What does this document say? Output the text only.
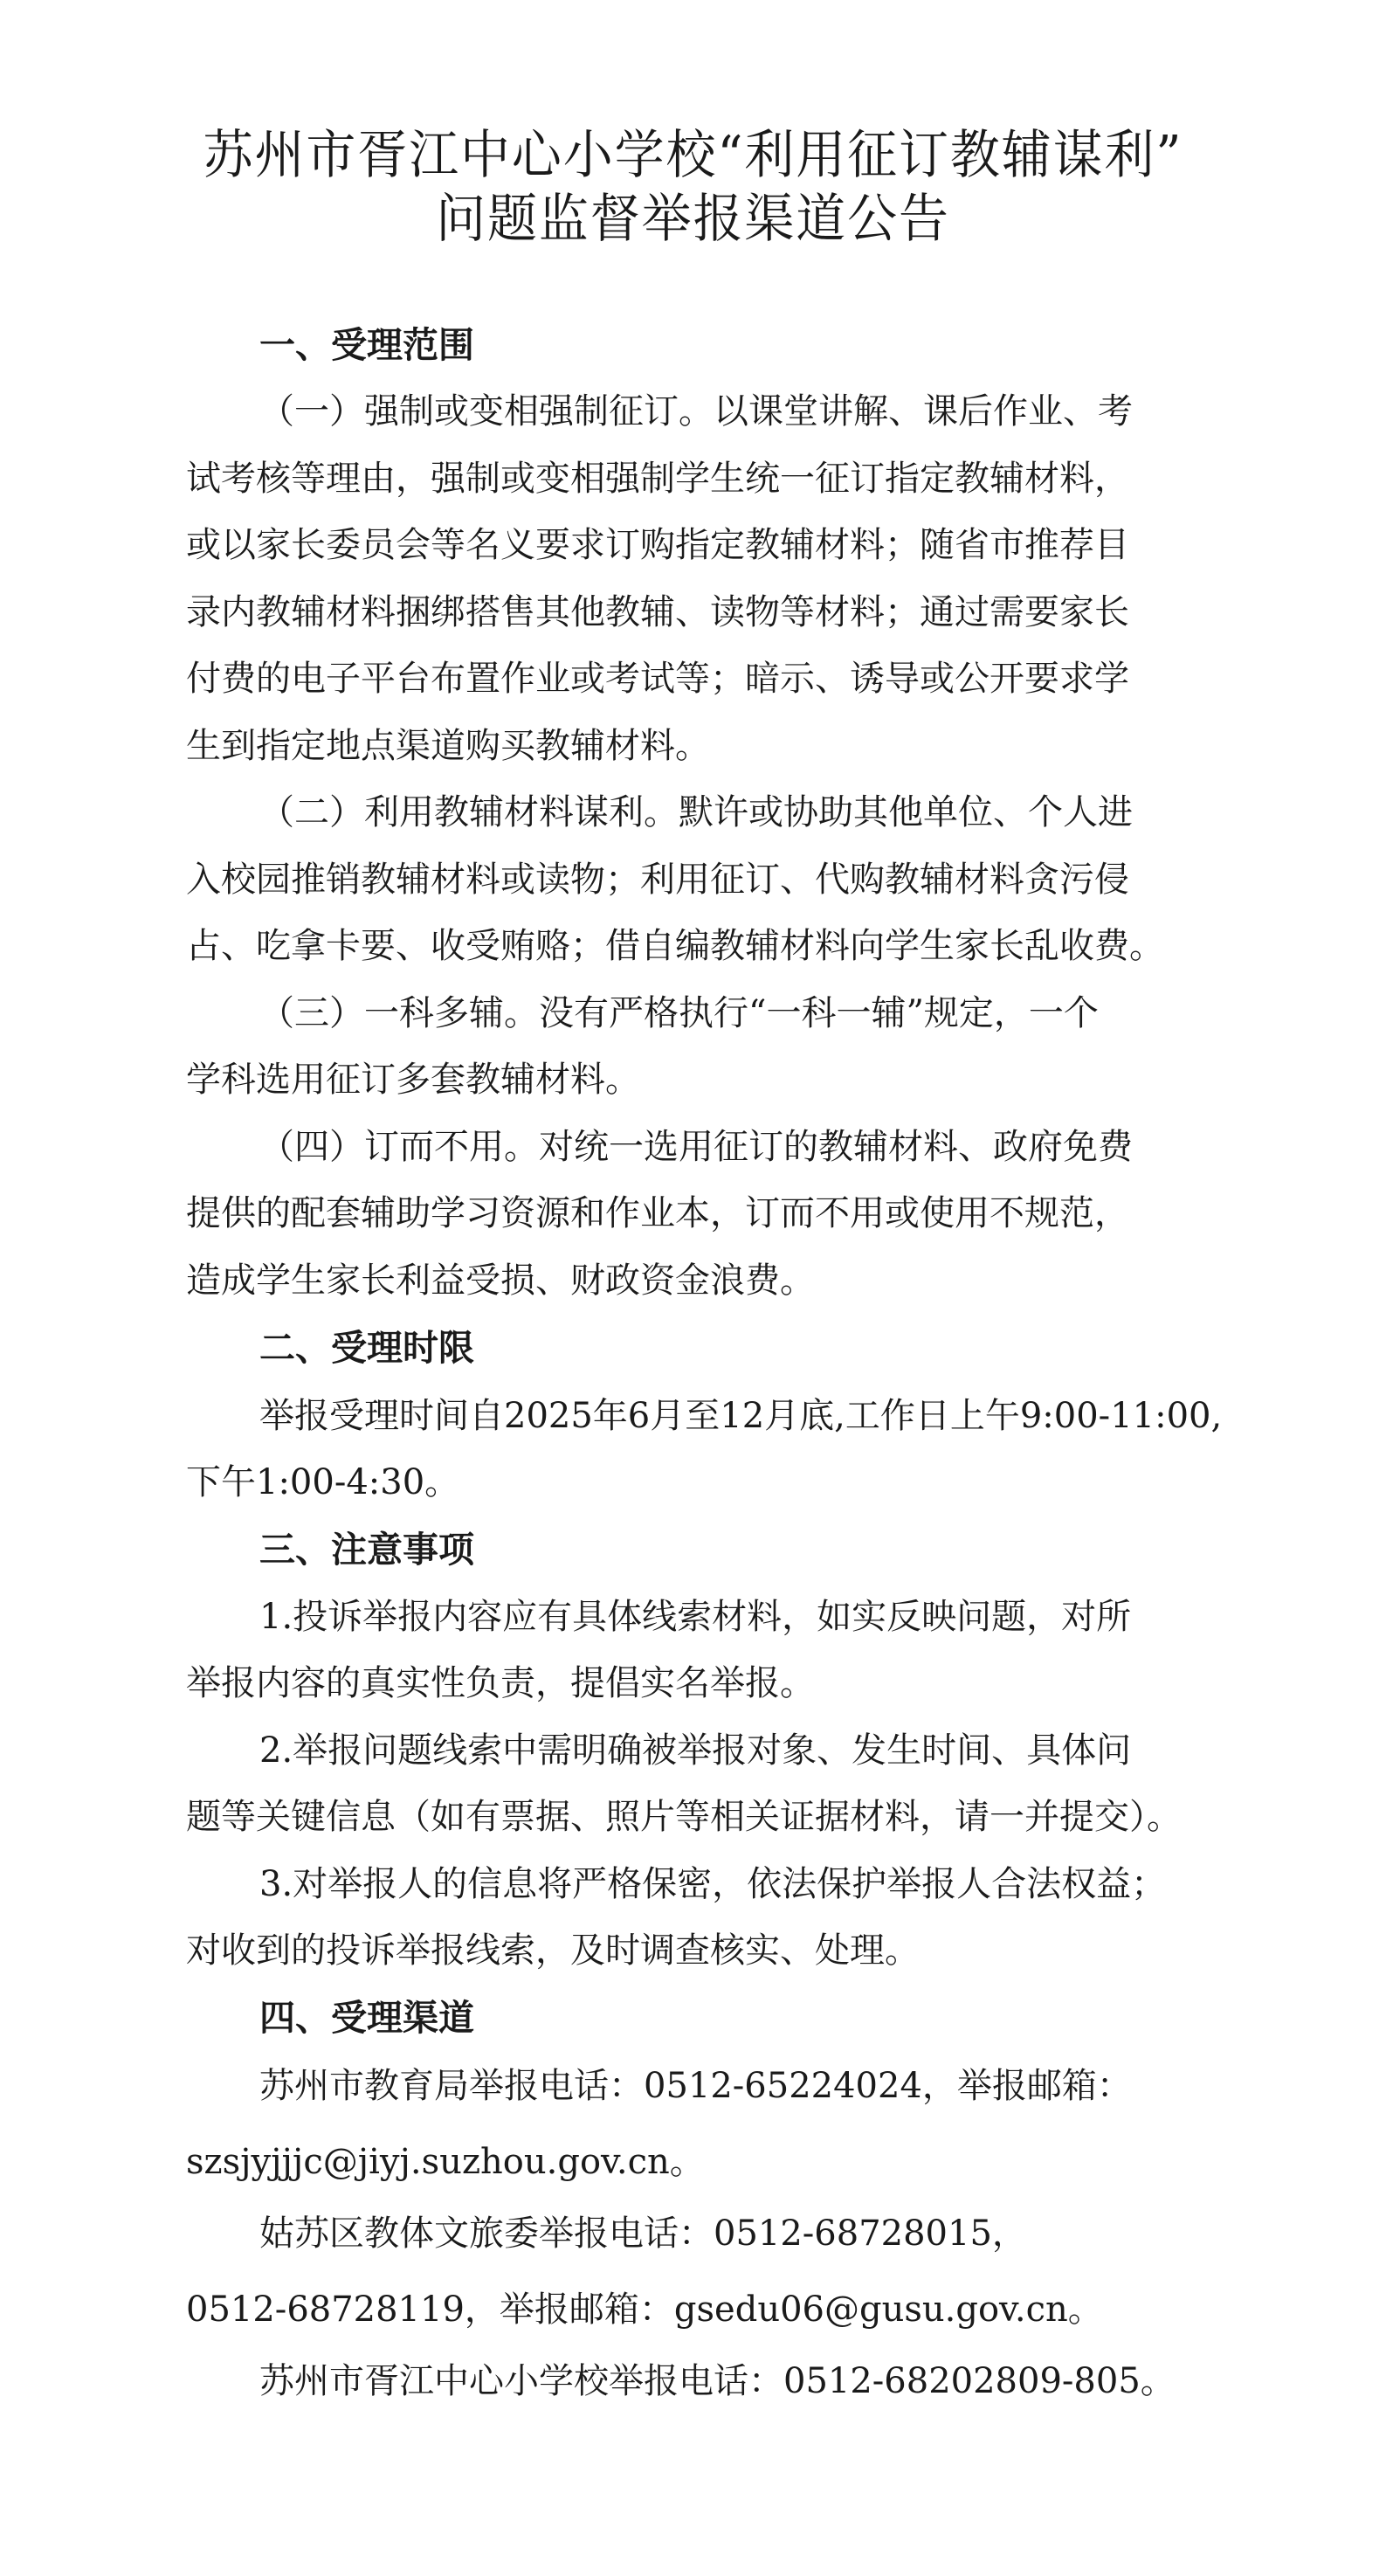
苏州市胥江中心小学校“利用征订教辅谋利”
问题监督举报渠道公告
一、受理范围

（一）强制或变相强制征订。以课堂讲解、课后作业、考

试考核等理由，强制或变相强制学生统一征订指定教辅材料，

或以家长委员会等名义要求订购指定教辅材料；随省市推荐目

录内教辅材料捆绑搭售其他教辅、读物等材料；通过需要家长

付费的电子平台布置作业或考试等；暗示、诱导或公开要求学

生到指定地点渠道购买教辅材料。

（二）利用教辅材料谋利。默许或协助其他单位、个人进

入校园推销教辅材料或读物；利用征订、代购教辅材料贪污侵

占、吃拿卡要、收受贿赂；借自编教辅材料向学生家长乱收费。

（三）一科多辅。没有严格执行“一科一辅”规定，一个

学科选用征订多套教辅材料。

（四）订而不用。对统一选用征订的教辅材料、政府免费

提供的配套辅助学习资源和作业本，订而不用或使用不规范，

造成学生家长利益受损、财政资金浪费。

二、受理时限

举报受理时间自2025年6月至12月底,工作日上午9:00-11:00,

下午1:00-4:30。

三、注意事项

1.投诉举报内容应有具体线索材料，如实反映问题，对所

举报内容的真实性负责，提倡实名举报。

2.举报问题线索中需明确被举报对象、发生时间、具体问

题等关键信息（如有票据、照片等相关证据材料，请一并提交）。

3.对举报人的信息将严格保密，依法保护举报人合法权益；

对收到的投诉举报线索，及时调查核实、处理。

四、受理渠道

苏州市教育局举报电话：0512-65224024，举报邮箱：

szsjyjjjc@jiyj.suzhou.gov.cn。

姑苏区教体文旅委举报电话：0512-68728015，

0512-68728119，举报邮箱：gsedu06@gusu.gov.cn。

苏州市胥江中心小学校举报电话：0512-68202809-805。
